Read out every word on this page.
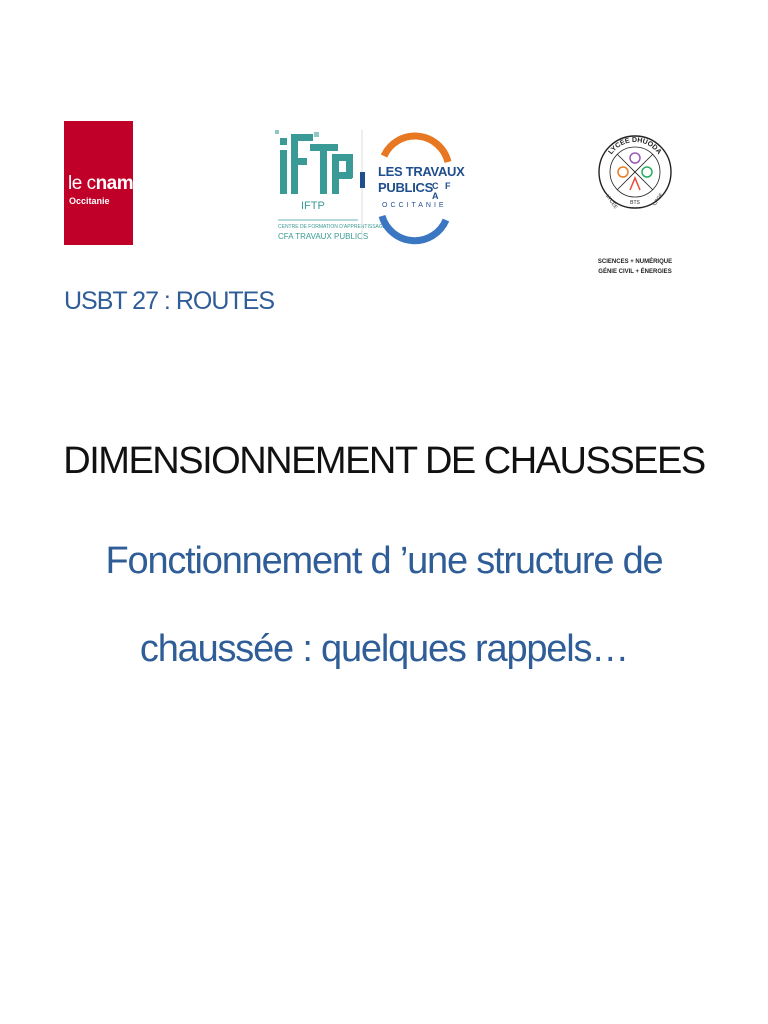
le cnam
Occitanie	IFTP
CENTRE DE FORMATION D'APPRENTISSAGE
CFA TRAVAUX PUBLICS
LES TRAVAUX
PUBLICS C F A
OCCITANIE
LYCÉE DHUODA
LYCÉE BTS CPGE
SCIENCES + NUMÉRIQUE
GÉNIE CIVIL + ÉNERGIES
USBT 27 : ROUTES
DIMENSIONNEMENT DE CHAUSSEES
Fonctionnement d ’une structure de
chaussée : quelques rappels…
